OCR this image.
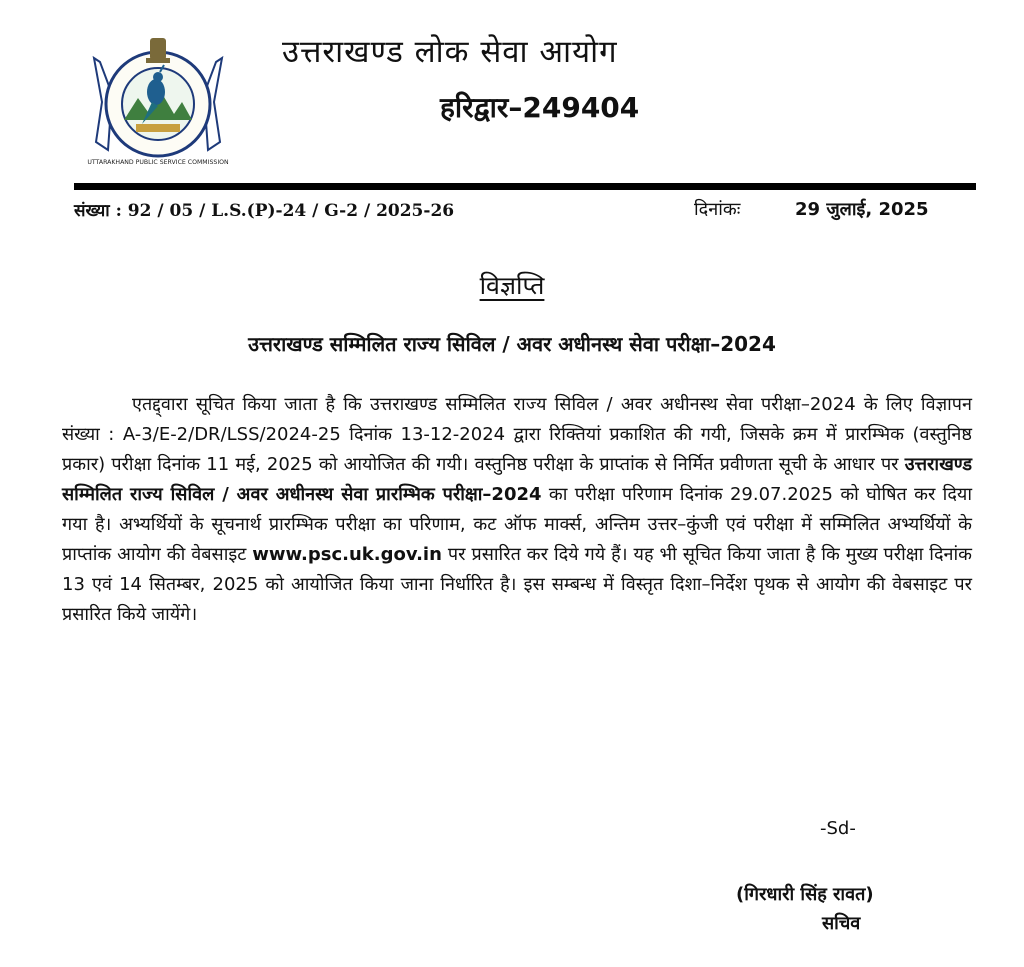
UTTARAKHAND PUBLIC SERVICE COMMISSION
उत्तराखण्ड लोक सेवा आयोग
हरिद्वार–249404
संख्या : 92 / 05 / L.S.(P)-24 / G-2 / 2025-26	दिनांकः	29 जुलाई, 2025
विज्ञप्ति
उत्तराखण्ड सम्मिलित राज्य सिविल / अवर अधीनस्थ सेवा परीक्षा–2024
एतद्द्वारा सूचित किया जाता है कि उत्तराखण्ड सम्मिलित राज्य सिविल / अवर अधीनस्थ सेवा परीक्षा–2024 के लिए विज्ञापन संख्या : A-3/E-2/DR/LSS/2024-25 दिनांक 13-12-2024 द्वारा रिक्तियां प्रकाशित की गयी, जिसके क्रम में प्रारम्भिक (वस्तुनिष्ठ प्रकार) परीक्षा दिनांक 11 मई, 2025 को आयोजित की गयी। वस्तुनिष्ठ परीक्षा के प्राप्तांक से निर्मित प्रवीणता सूची के आधार पर उत्तराखण्ड सम्मिलित राज्य सिविल / अवर अधीनस्थ सेवा प्रारम्भिक परीक्षा–2024 का परीक्षा परिणाम दिनांक 29.07.2025 को घोषित कर दिया गया है। अभ्यर्थियों के सूचनार्थ प्रारम्भिक परीक्षा का परिणाम, कट ऑफ मार्क्स, अन्तिम उत्तर–कुंजी एवं परीक्षा में सम्मिलित अभ्यर्थियों के प्राप्तांक आयोग की वेबसाइट www.psc.uk.gov.in पर प्रसारित कर दिये गये हैं। यह भी सूचित किया जाता है कि मुख्य परीक्षा दिनांक 13 एवं 14 सितम्बर, 2025 को आयोजित किया जाना निर्धारित है। इस सम्बन्ध में विस्तृत दिशा–निर्देश पृथक से आयोग की वेबसाइट पर प्रसारित किये जायेंगे।
-Sd-
(गिरधारी सिंह रावत)
सचिव
